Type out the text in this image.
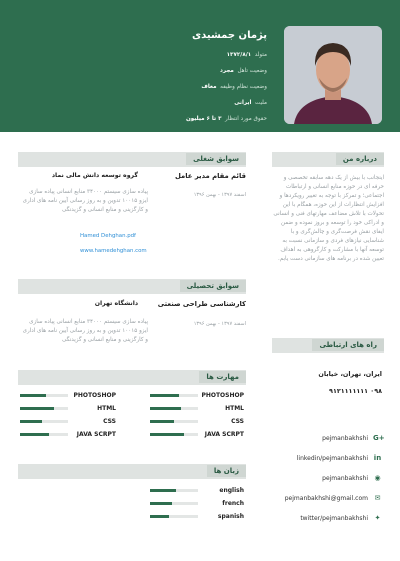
پژمان جمشیدی
متولد  ۱۳۷۲/۸/۱
وضعیت تاهل  مجرد
وضعیت نظام وظیفه  معاف
ملیت  ایرانی
حقوق مورد انتظار  ۳ تا ۶ میلیون
درباره من
اینجانب با بیش از یک دهه سابقه تخصصی و حرفه ای در حوزه منابع انسانی و ارتباطات اجتماعی؛ و تمرکز با توجه به تغییر رویکردها و افزایش انتظارات از این حوزه، همگام با این تحولات با تلاش مضاعف مهارتهای فنی و انسانی و ادراکی خود را توسعه و بروز نموده و ضمن ایفای نقش فرصت‌گری و چالش‌گری و با شناسایی نیازهای فردی و سازمانی نسبت به توسعه آنها با مشارکت و کارگروهی به اهداف تعیین شده در برنامه های سازمانی دست یابم.
راه های ارتباطی
ایران، تهران، خیابان
۰۹۸ ۹۱۲۱۱۱۱۱۱۱
G+
pejmanbakhshi
in
linkedin/pejmanbakhshi
◉
pejmanbakhshi
✉
pejmanbakhshi@gmail.com
✦
twitter/pejmanbakhshi
سوابق شغلی
قائم مقام مدیر عامل
گروه توسعه دانش مالی نماد
اسفند ۱۳۹۷ - بهمن ۱۳۹۶
پیاده سازی سیستم ۳۴۰۰۰ منابع انسانی پیاده سازی ایزو ۱۰۰۱۵ تدوین و به روز رسانی آیین نامه های اداری و کارگزینی و منابع انسانی و گزیدنگی
Hamed Dehghan.pdf
www.hamedehghan.com
سوابق تحصیلی
کارشناسی طراحی صنعتی
دانشگاه تهران
اسفند ۱۳۹۷ - بهمن ۱۳۹۶
پیاده سازی سیستم ۳۴۰۰۰ منابع انسانی پیاده سازی ایزو ۱۰۰۱۵ تدوین و به روز رسانی آیین نامه های اداری و کارگزینی و منابع انسانی و گزیدنگی
مهارت ها
PHOTOSHOP
HTML
CSS
JAVA SCRPT
PHOTOSHOP
HTML
CSS
JAVA SCRPT
زبان ها
english
french
spanish
